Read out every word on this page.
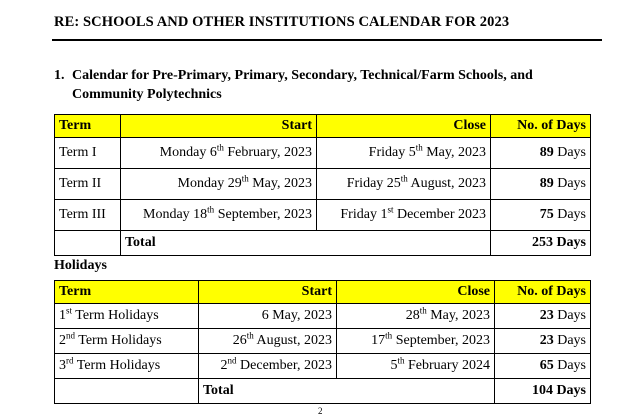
RE: SCHOOLS AND OTHER INSTITUTIONS CALENDAR FOR 2023

1. Calendar for Pre-Primary, Primary, Secondary, Technical/Farm Schools, and
Community Polytechnics

Term	Start	Close	No. of Days
Term I	Monday 6th February, 2023	Friday 5th May, 2023	89 Days
Term II	Monday 29th May, 2023	Friday 25th August, 2023	89 Days
Term III	Monday 18th September, 2023	Friday 1st December 2023	75 Days
	Total		253 Days

Holidays

Term	Start	Close	No. of Days
1st Term Holidays	6 May, 2023	28th May, 2023	23 Days
2nd Term Holidays	26th August, 2023	17th September, 2023	23 Days
3rd Term Holidays	2nd December, 2023	5th February 2024	65 Days
	Total		104 Days
2
